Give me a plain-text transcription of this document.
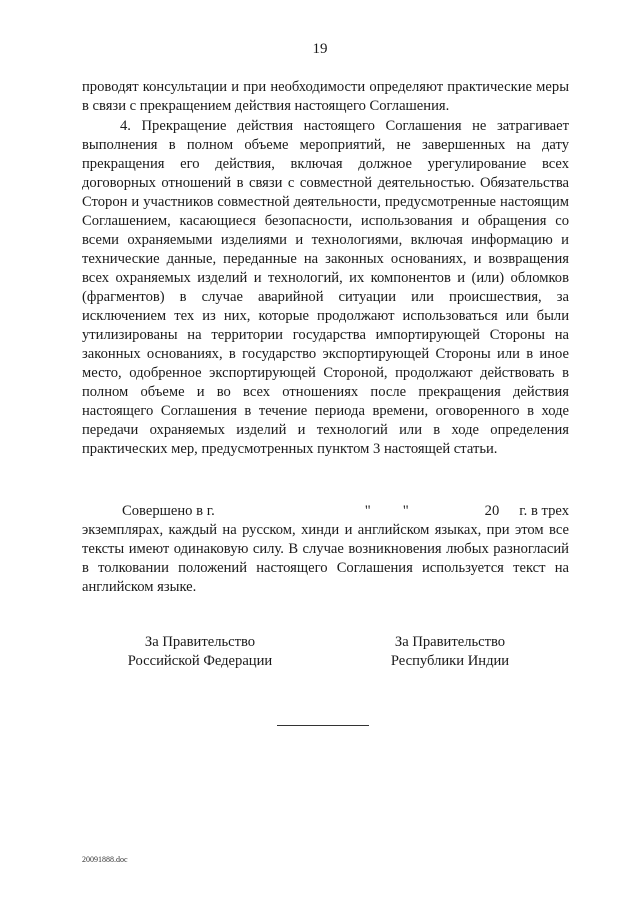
19

проводят консультации и при необходимости определяют практические меры в связи с прекращением действия настоящего Соглашения.

4. Прекращение действия настоящего Соглашения не затрагивает выполнения в полном объеме мероприятий, не завершенных на дату прекращения его действия, включая должное урегулирование всех договорных отношений в связи с совместной деятельностью. Обязательства Сторон и участников совместной деятельности, предусмотренные настоящим Соглашением, касающиеся безопасности, использования и обращения со всеми охраняемыми изделиями и технологиями, включая информацию и технические данные, переданные на законных основаниях, и возвращения всех охраняемых изделий и технологий, их компонентов и (или) обломков (фрагментов) в случае аварийной ситуации или происшествия, за исключением тех из них, которые продолжают использоваться или были утилизированы на территории государства импортирующей Стороны на законных основаниях, в государство экспортирующей Стороны или в иное место, одобренное экспортирующей Стороной, продолжают действовать в полном объеме и во всех отношениях после прекращения действия настоящего Соглашения в течение периода времени, оговоренного в ходе передачи охраняемых изделий и технологий или в ходе определения практических мер, предусмотренных пунктом 3 настоящей статьи.

Совершено в г.	" "	20 г. в трех экземплярах, каждый на русском, хинди и английском языках, при этом все тексты имеют одинаковую силу. В случае возникновения любых разногласий в толковании положений настоящего Соглашения используется текст на английском языке.

За Правительство
Российской Федерации
За Правительство
Республики Индии
20091888.doc
